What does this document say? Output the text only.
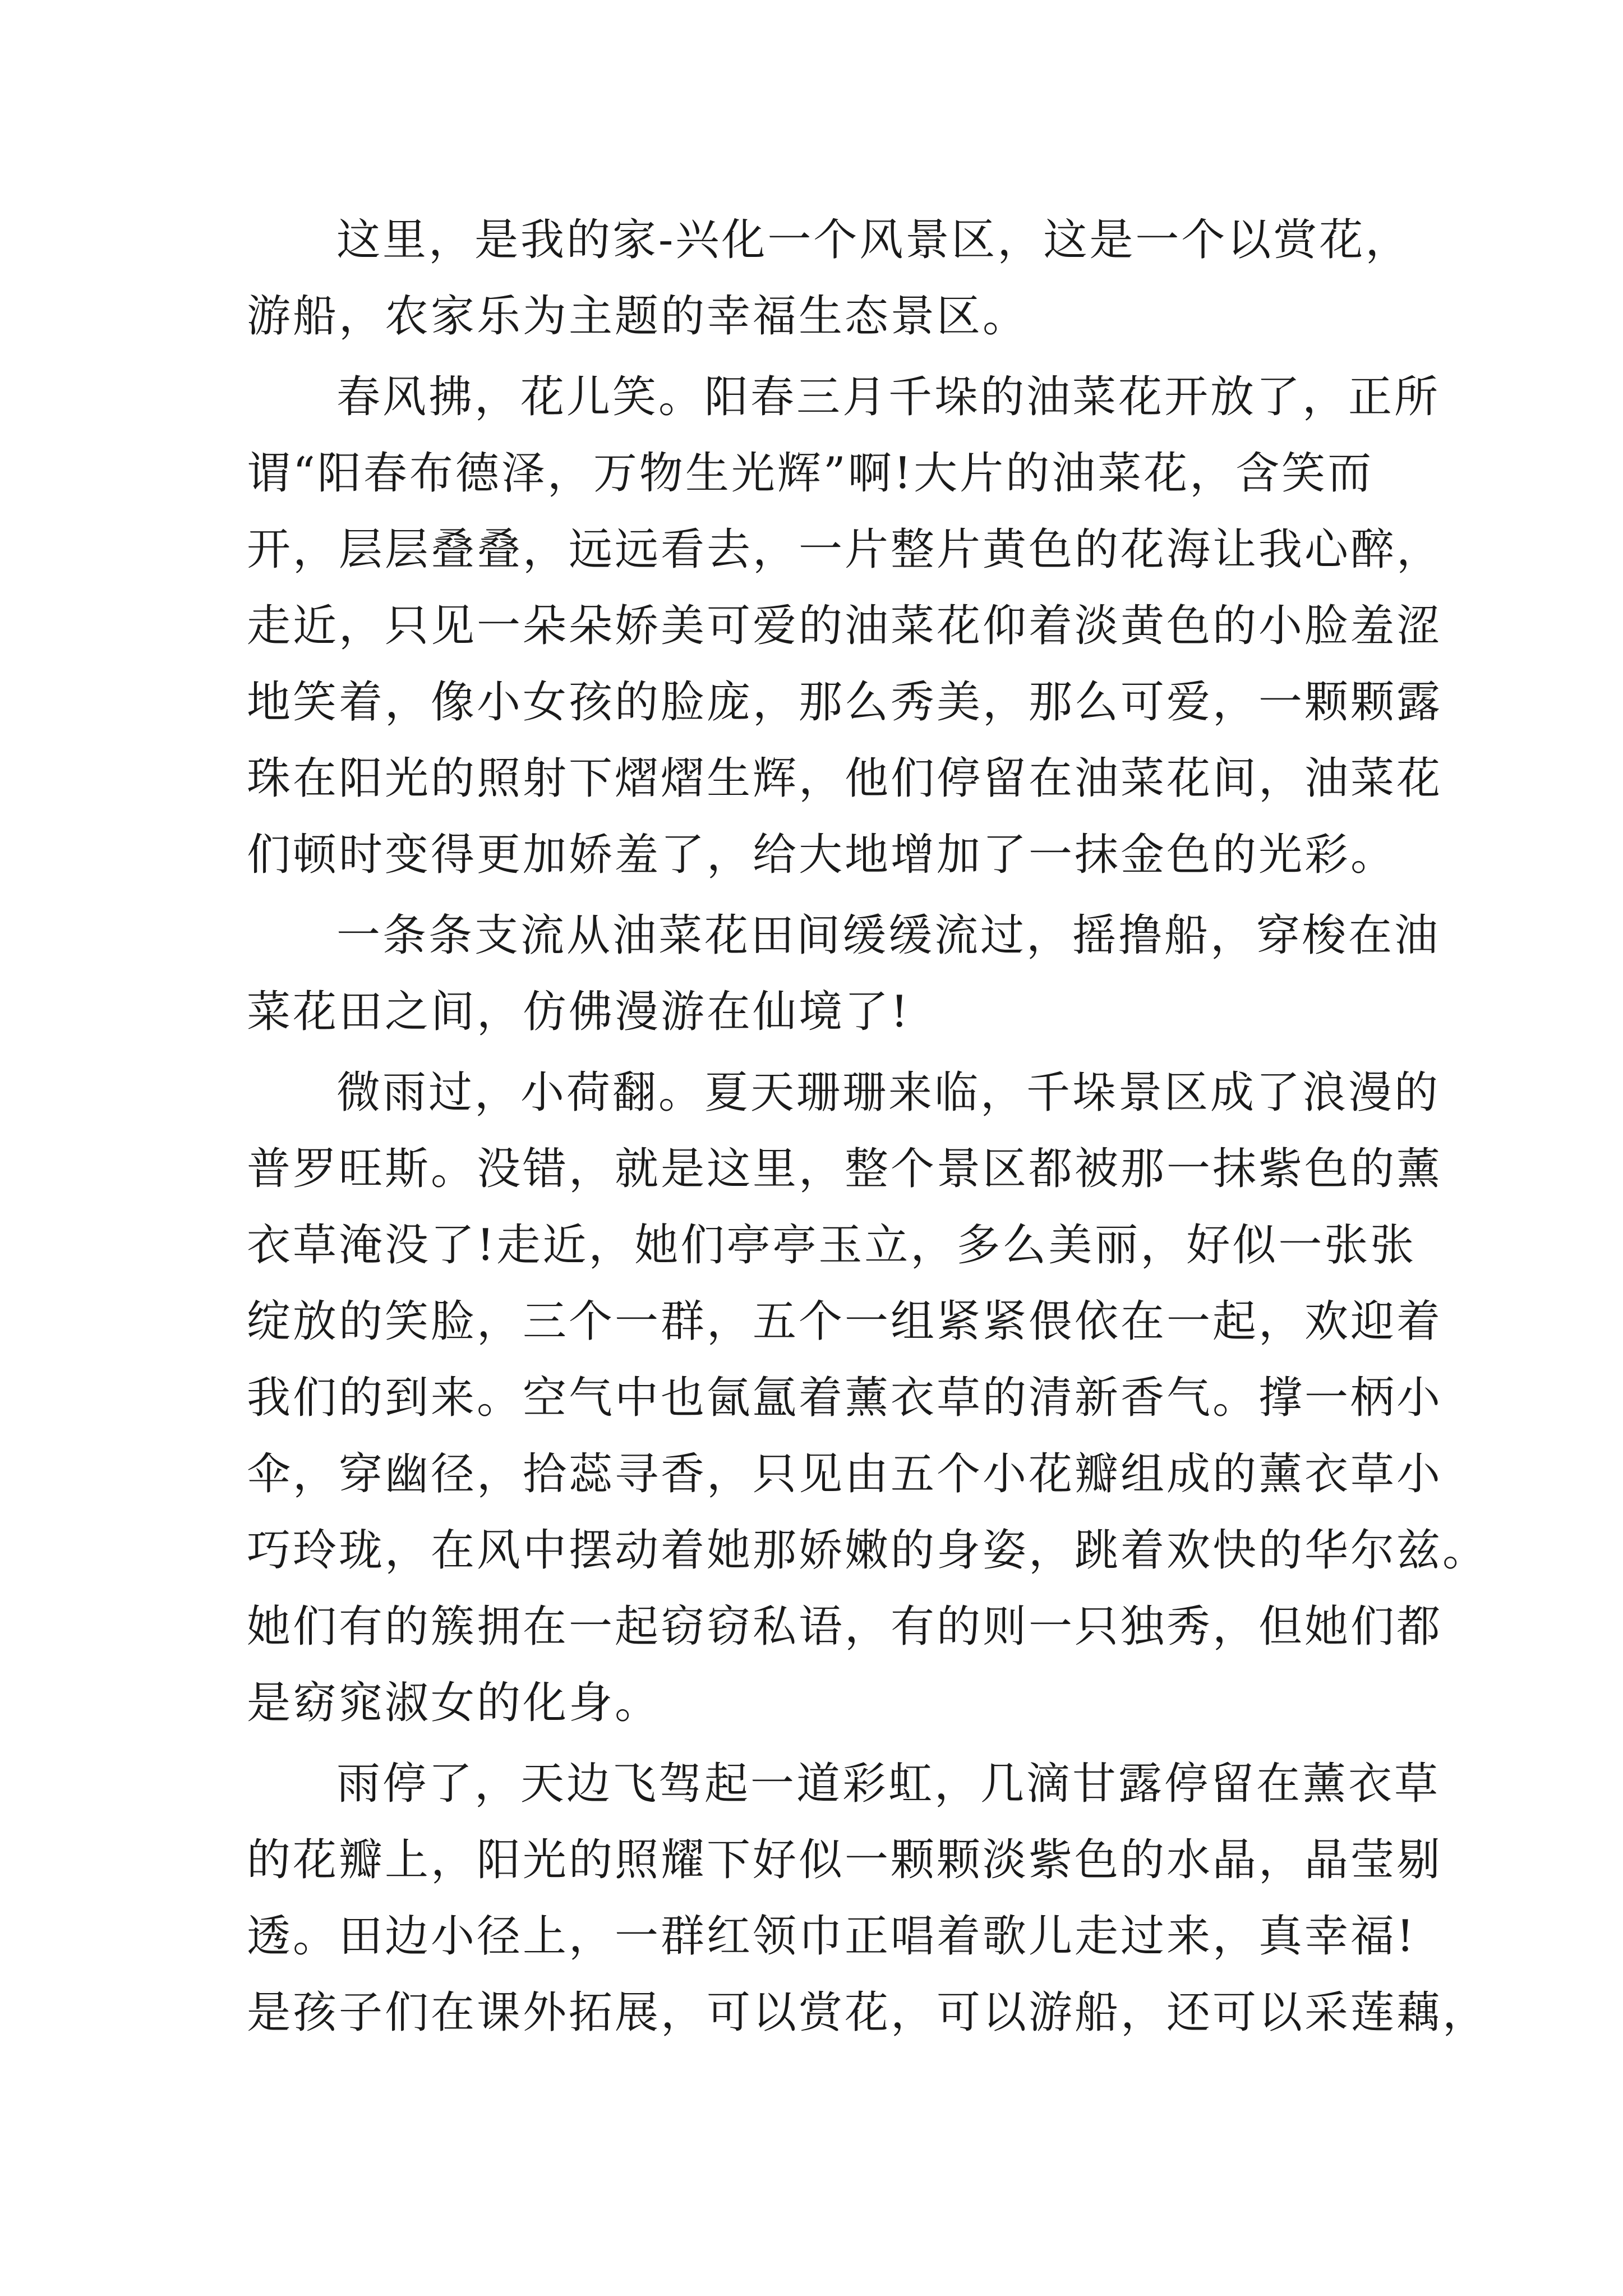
这里，是我的家-兴化一个风景区，这是一个以赏花，
游船，农家乐为主题的幸福生态景区。
春风拂，花儿笑。阳春三月千垛的油菜花开放了，正所
谓“阳春布德泽，万物生光辉”啊!大片的油菜花，含笑而
开，层层叠叠，远远看去，一片整片黄色的花海让我心醉，
走近，只见一朵朵娇美可爱的油菜花仰着淡黄色的小脸羞涩
地笑着，像小女孩的脸庞，那么秀美，那么可爱，一颗颗露
珠在阳光的照射下熠熠生辉，他们停留在油菜花间，油菜花
们顿时变得更加娇羞了，给大地增加了一抹金色的光彩。
一条条支流从油菜花田间缓缓流过，摇撸船，穿梭在油
菜花田之间，仿佛漫游在仙境了!
微雨过，小荷翻。夏天珊珊来临，千垛景区成了浪漫的
普罗旺斯。没错，就是这里，整个景区都被那一抹紫色的薰
衣草淹没了!走近，她们亭亭玉立，多么美丽，好似一张张
绽放的笑脸，三个一群，五个一组紧紧偎依在一起，欢迎着
我们的到来。空气中也氤氲着薰衣草的清新香气。撑一柄小
伞，穿幽径，拾蕊寻香，只见由五个小花瓣组成的薰衣草小
巧玲珑，在风中摆动着她那娇嫩的身姿，跳着欢快的华尔兹。
她们有的簇拥在一起窃窃私语，有的则一只独秀，但她们都
是窈窕淑女的化身。
雨停了，天边飞驾起一道彩虹，几滴甘露停留在薰衣草
的花瓣上，阳光的照耀下好似一颗颗淡紫色的水晶，晶莹剔
透。田边小径上，一群红领巾正唱着歌儿走过来，真幸福!
是孩子们在课外拓展，可以赏花，可以游船，还可以采莲藕，
